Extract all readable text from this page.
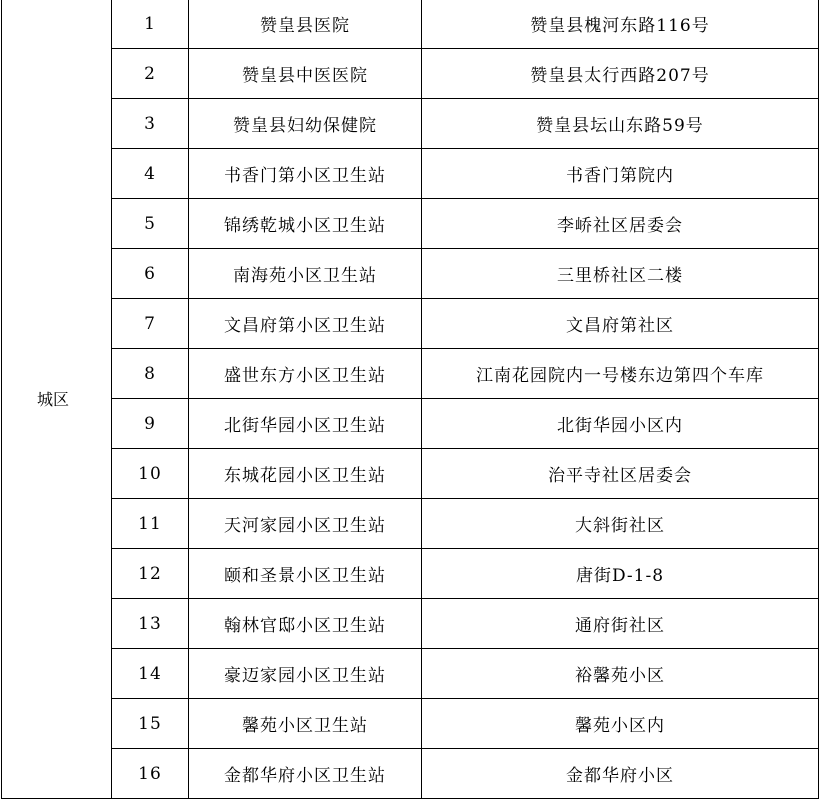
城区	1	赞皇县医院	赞皇县槐河东路116号
	2	赞皇县中医医院	赞皇县太行西路207号
	3	赞皇县妇幼保健院	赞皇县坛山东路59号
	4	书香门第小区卫生站	书香门第院内
	5	锦绣乾城小区卫生站	李峤社区居委会
	6	南海苑小区卫生站	三里桥社区二楼
	7	文昌府第小区卫生站	文昌府第社区
	8	盛世东方小区卫生站	江南花园院内一号楼东边第四个车库
	9	北街华园小区卫生站	北街华园小区内
	10	东城花园小区卫生站	治平寺社区居委会
	11	天河家园小区卫生站	大斜街社区
	12	颐和圣景小区卫生站	唐街D-1-8
	13	翰林官邸小区卫生站	通府街社区
	14	豪迈家园小区卫生站	裕馨苑小区
	15	馨苑小区卫生站	馨苑小区内
	16	金都华府小区卫生站	金都华府小区
